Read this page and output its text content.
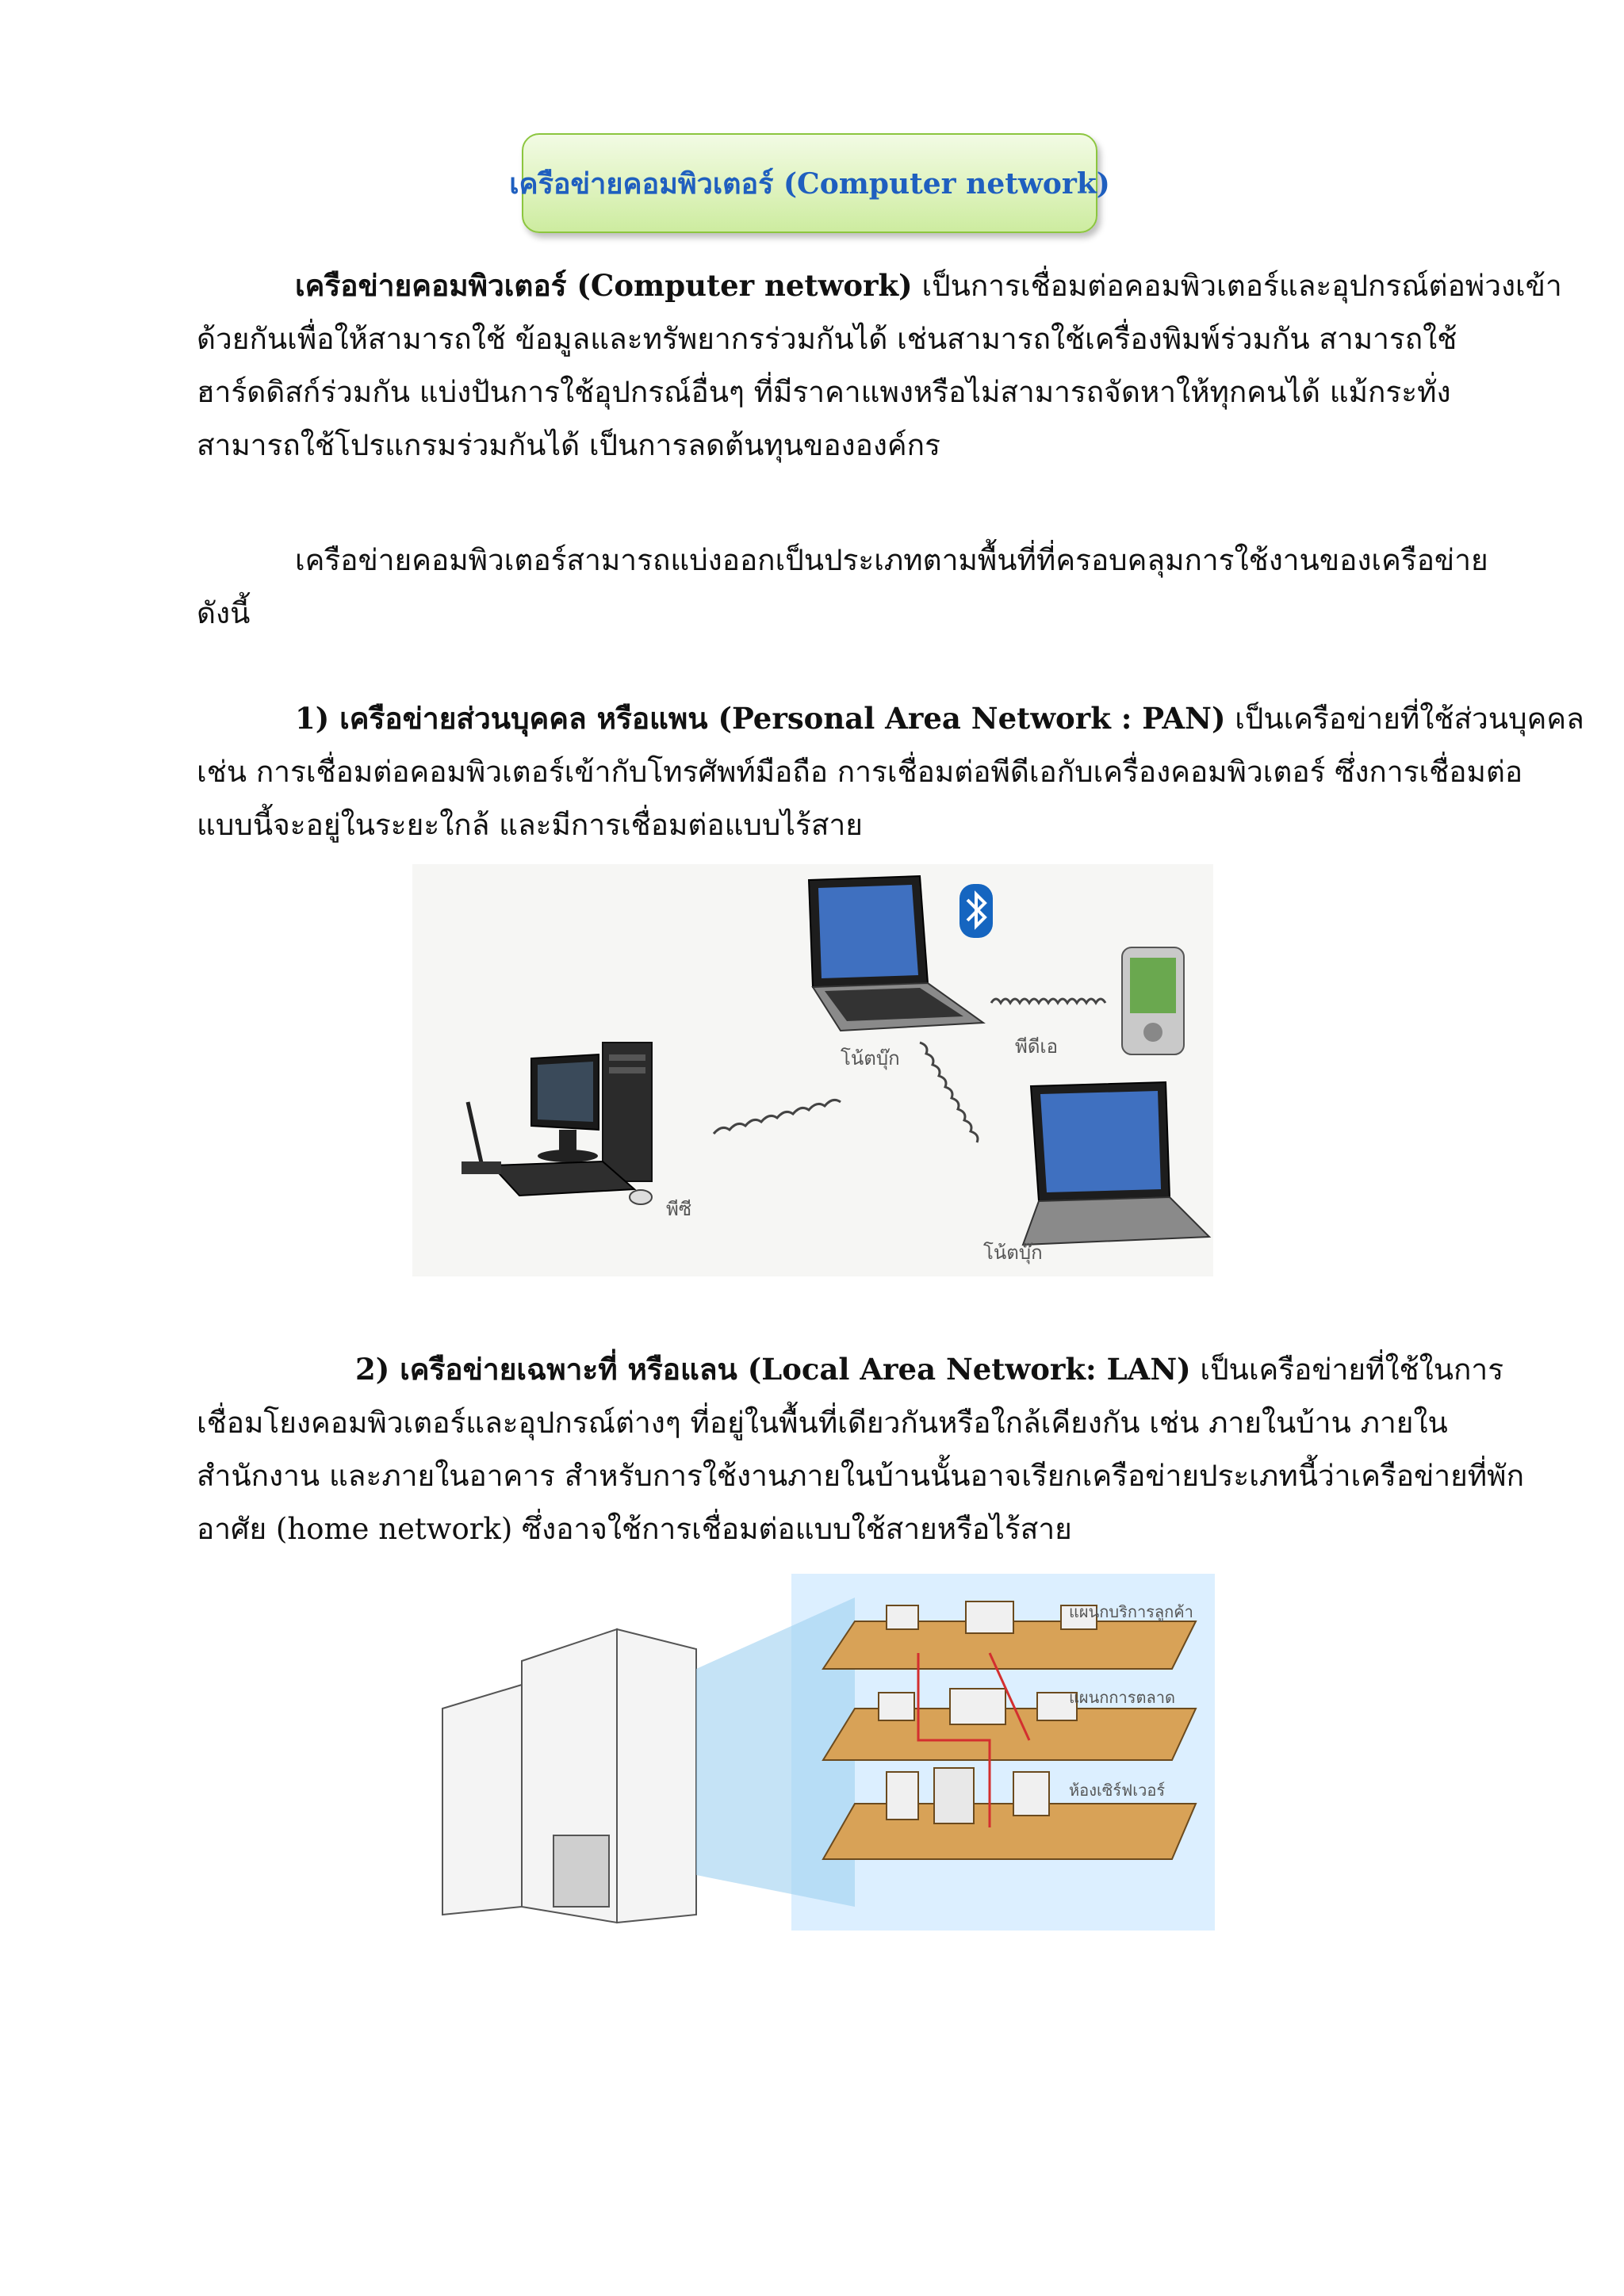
เครือข่ายคอมพิวเตอร์ (Computer network)

เครือข่ายคอมพิวเตอร์ (Computer network) เป็นการเชื่อมต่อคอมพิวเตอร์และอุปกรณ์ต่อพ่วงเข้า
ด้วยกันเพื่อให้สามารถใช้ ข้อมูลและทรัพยากรร่วมกันได้ เช่นสามารถใช้เครื่องพิมพ์ร่วมกัน สามารถใช้
ฮาร์ดดิสก์ร่วมกัน แบ่งปันการใช้อุปกรณ์อื่นๆ ที่มีราคาแพงหรือไม่สามารถจัดหาให้ทุกคนได้ แม้กระทั่ง
สามารถใช้โปรแกรมร่วมกันได้ เป็นการลดต้นทุนขององค์กร

เครือข่ายคอมพิวเตอร์สามารถแบ่งออกเป็นประเภทตามพื้นที่ที่ครอบคลุมการใช้งานของเครือข่าย
ดังนี้

1) เครือข่ายส่วนบุคคล หรือแพน (Personal Area Network : PAN) เป็นเครือข่ายที่ใช้ส่วนบุคคล
เช่น การเชื่อมต่อคอมพิวเตอร์เข้ากับโทรศัพท์มือถือ การเชื่อมต่อพีดีเอกับเครื่องคอมพิวเตอร์ ซึ่งการเชื่อมต่อ
แบบนี้จะอยู่ในระยะใกล้ และมีการเชื่อมต่อแบบไร้สาย

โน้ตบุ๊ก
พีดีเอ
พีซี
โน้ตบุ๊ก

2) เครือข่ายเฉพาะที่ หรือแลน (Local Area Network: LAN) เป็นเครือข่ายที่ใช้ในการ
เชื่อมโยงคอมพิวเตอร์และอุปกรณ์ต่างๆ ที่อยู่ในพื้นที่เดียวกันหรือใกล้เคียงกัน เช่น ภายในบ้าน ภายใน
สำนักงาน และภายในอาคาร สำหรับการใช้งานภายในบ้านนั้นอาจเรียกเครือข่ายประเภทนี้ว่าเครือข่ายที่พัก
อาศัย (home network) ซึ่งอาจใช้การเชื่อมต่อแบบใช้สายหรือไร้สาย

แผนกบริการลูกค้า
แผนกการตลาด
ห้องเซิร์ฟเวอร์
